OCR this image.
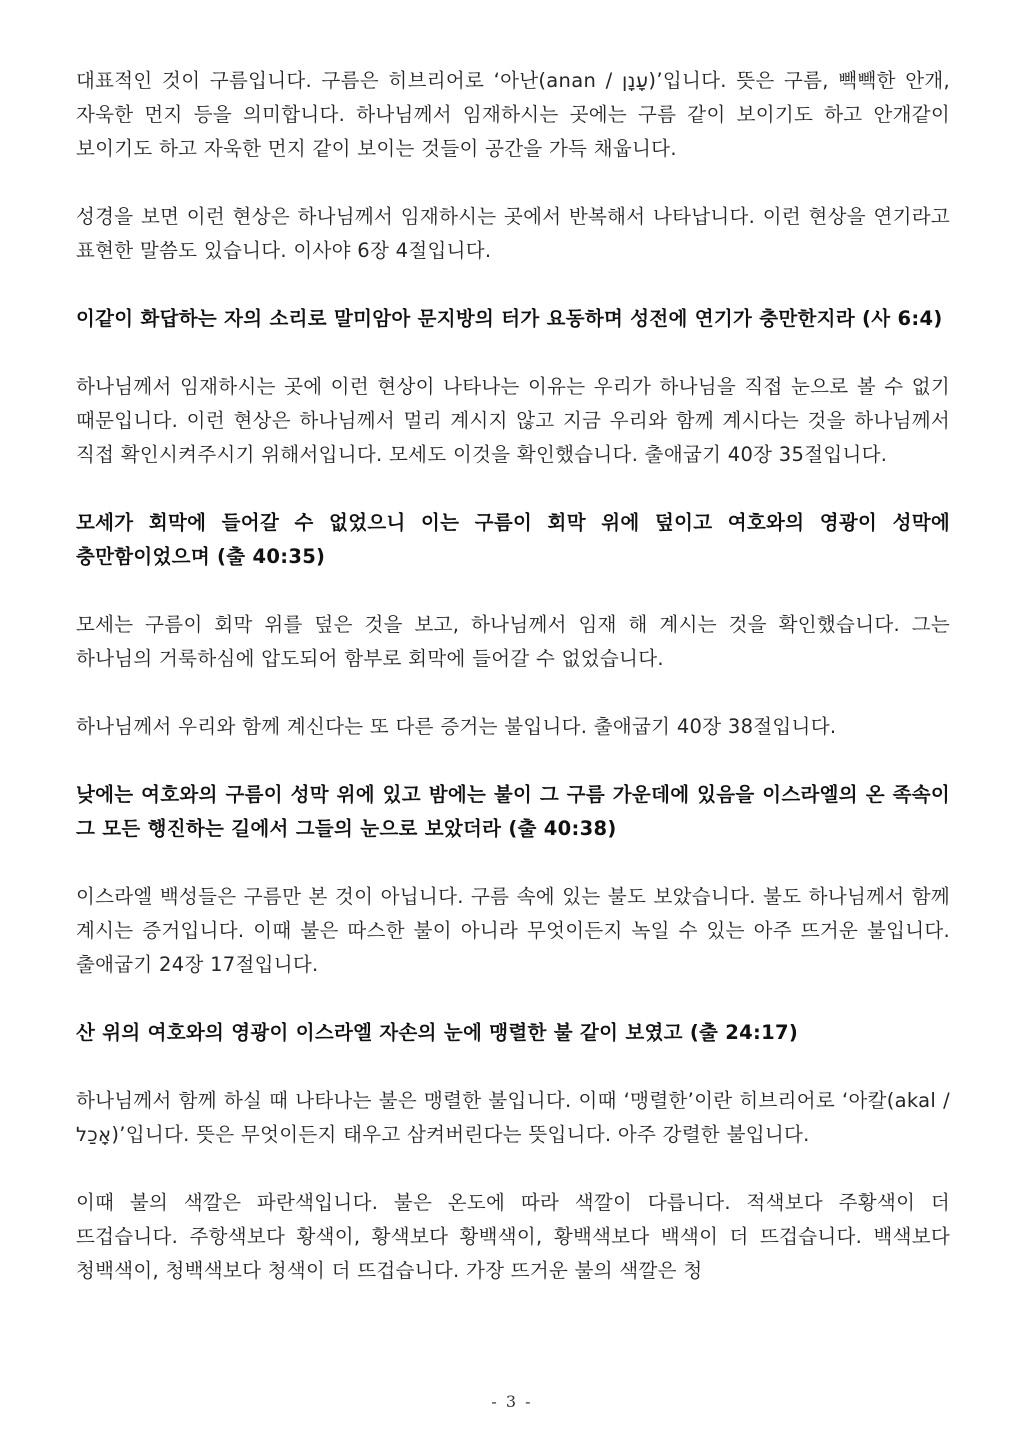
대표적인 것이 구름입니다. 구름은 히브리어로 ‘아난(anan / עָנָן)’입니다. 뜻은 구름, 빽빽한 안개, 자욱한 먼지 등을 의미합니다. 하나님께서 임재하시는 곳에는 구름 같이 보이기도 하고 안개같이 보이기도 하고 자욱한 먼지 같이 보이는 것들이 공간을 가득 채웁니다.

성경을 보면 이런 현상은 하나님께서 임재하시는 곳에서 반복해서 나타납니다. 이런 현상을 연기라고 표현한 말씀도 있습니다. 이사야 6장 4절입니다.

이같이 화답하는 자의 소리로 말미암아 문지방의 터가 요동하며 성전에 연기가 충만한지라 (사 6:4)

하나님께서 임재하시는 곳에 이런 현상이 나타나는 이유는 우리가 하나님을 직접 눈으로 볼 수 없기 때문입니다. 이런 현상은 하나님께서 멀리 계시지 않고 지금 우리와 함께 계시다는 것을 하나님께서 직접 확인시켜주시기 위해서입니다. 모세도 이것을 확인했습니다. 출애굽기 40장 35절입니다.

모세가 회막에 들어갈 수 없었으니 이는 구름이 회막 위에 덮이고 여호와의 영광이 성막에 충만함이었으며 (출 40:35)

모세는 구름이 회막 위를 덮은 것을 보고, 하나님께서 임재 해 계시는 것을 확인했습니다. 그는 하나님의 거룩하심에 압도되어 함부로 회막에 들어갈 수 없었습니다.

하나님께서 우리와 함께 계신다는 또 다른 증거는 불입니다. 출애굽기 40장 38절입니다.

낮에는 여호와의 구름이 성막 위에 있고 밤에는 불이 그 구름 가운데에 있음을 이스라엘의 온 족속이 그 모든 행진하는 길에서 그들의 눈으로 보았더라 (출 40:38)

이스라엘 백성들은 구름만 본 것이 아닙니다. 구름 속에 있는 불도 보았습니다. 불도 하나님께서 함께 계시는 증거입니다. 이때 불은 따스한 불이 아니라 무엇이든지 녹일 수 있는 아주 뜨거운 불입니다. 출애굽기 24장 17절입니다.

산 위의 여호와의 영광이 이스라엘 자손의 눈에 맹렬한 불 같이 보였고 (출 24:17)

하나님께서 함께 하실 때 나타나는 불은 맹렬한 불입니다. 이때 ‘맹렬한’이란 히브리어로 ‘아칼(akal / אָכַל)’입니다. 뜻은 무엇이든지 태우고 삼켜버린다는 뜻입니다. 아주 강렬한 불입니다.

이때 불의 색깔은 파란색입니다. 불은 온도에 따라 색깔이 다릅니다. 적색보다 주황색이 더 뜨겁습니다. 주항색보다 황색이, 황색보다 황백색이, 황백색보다 백색이 더 뜨겁습니다. 백색보다 청백색이, 청백색보다 청색이 더 뜨겁습니다. 가장 뜨거운 불의 색깔은 청

- 3 -
